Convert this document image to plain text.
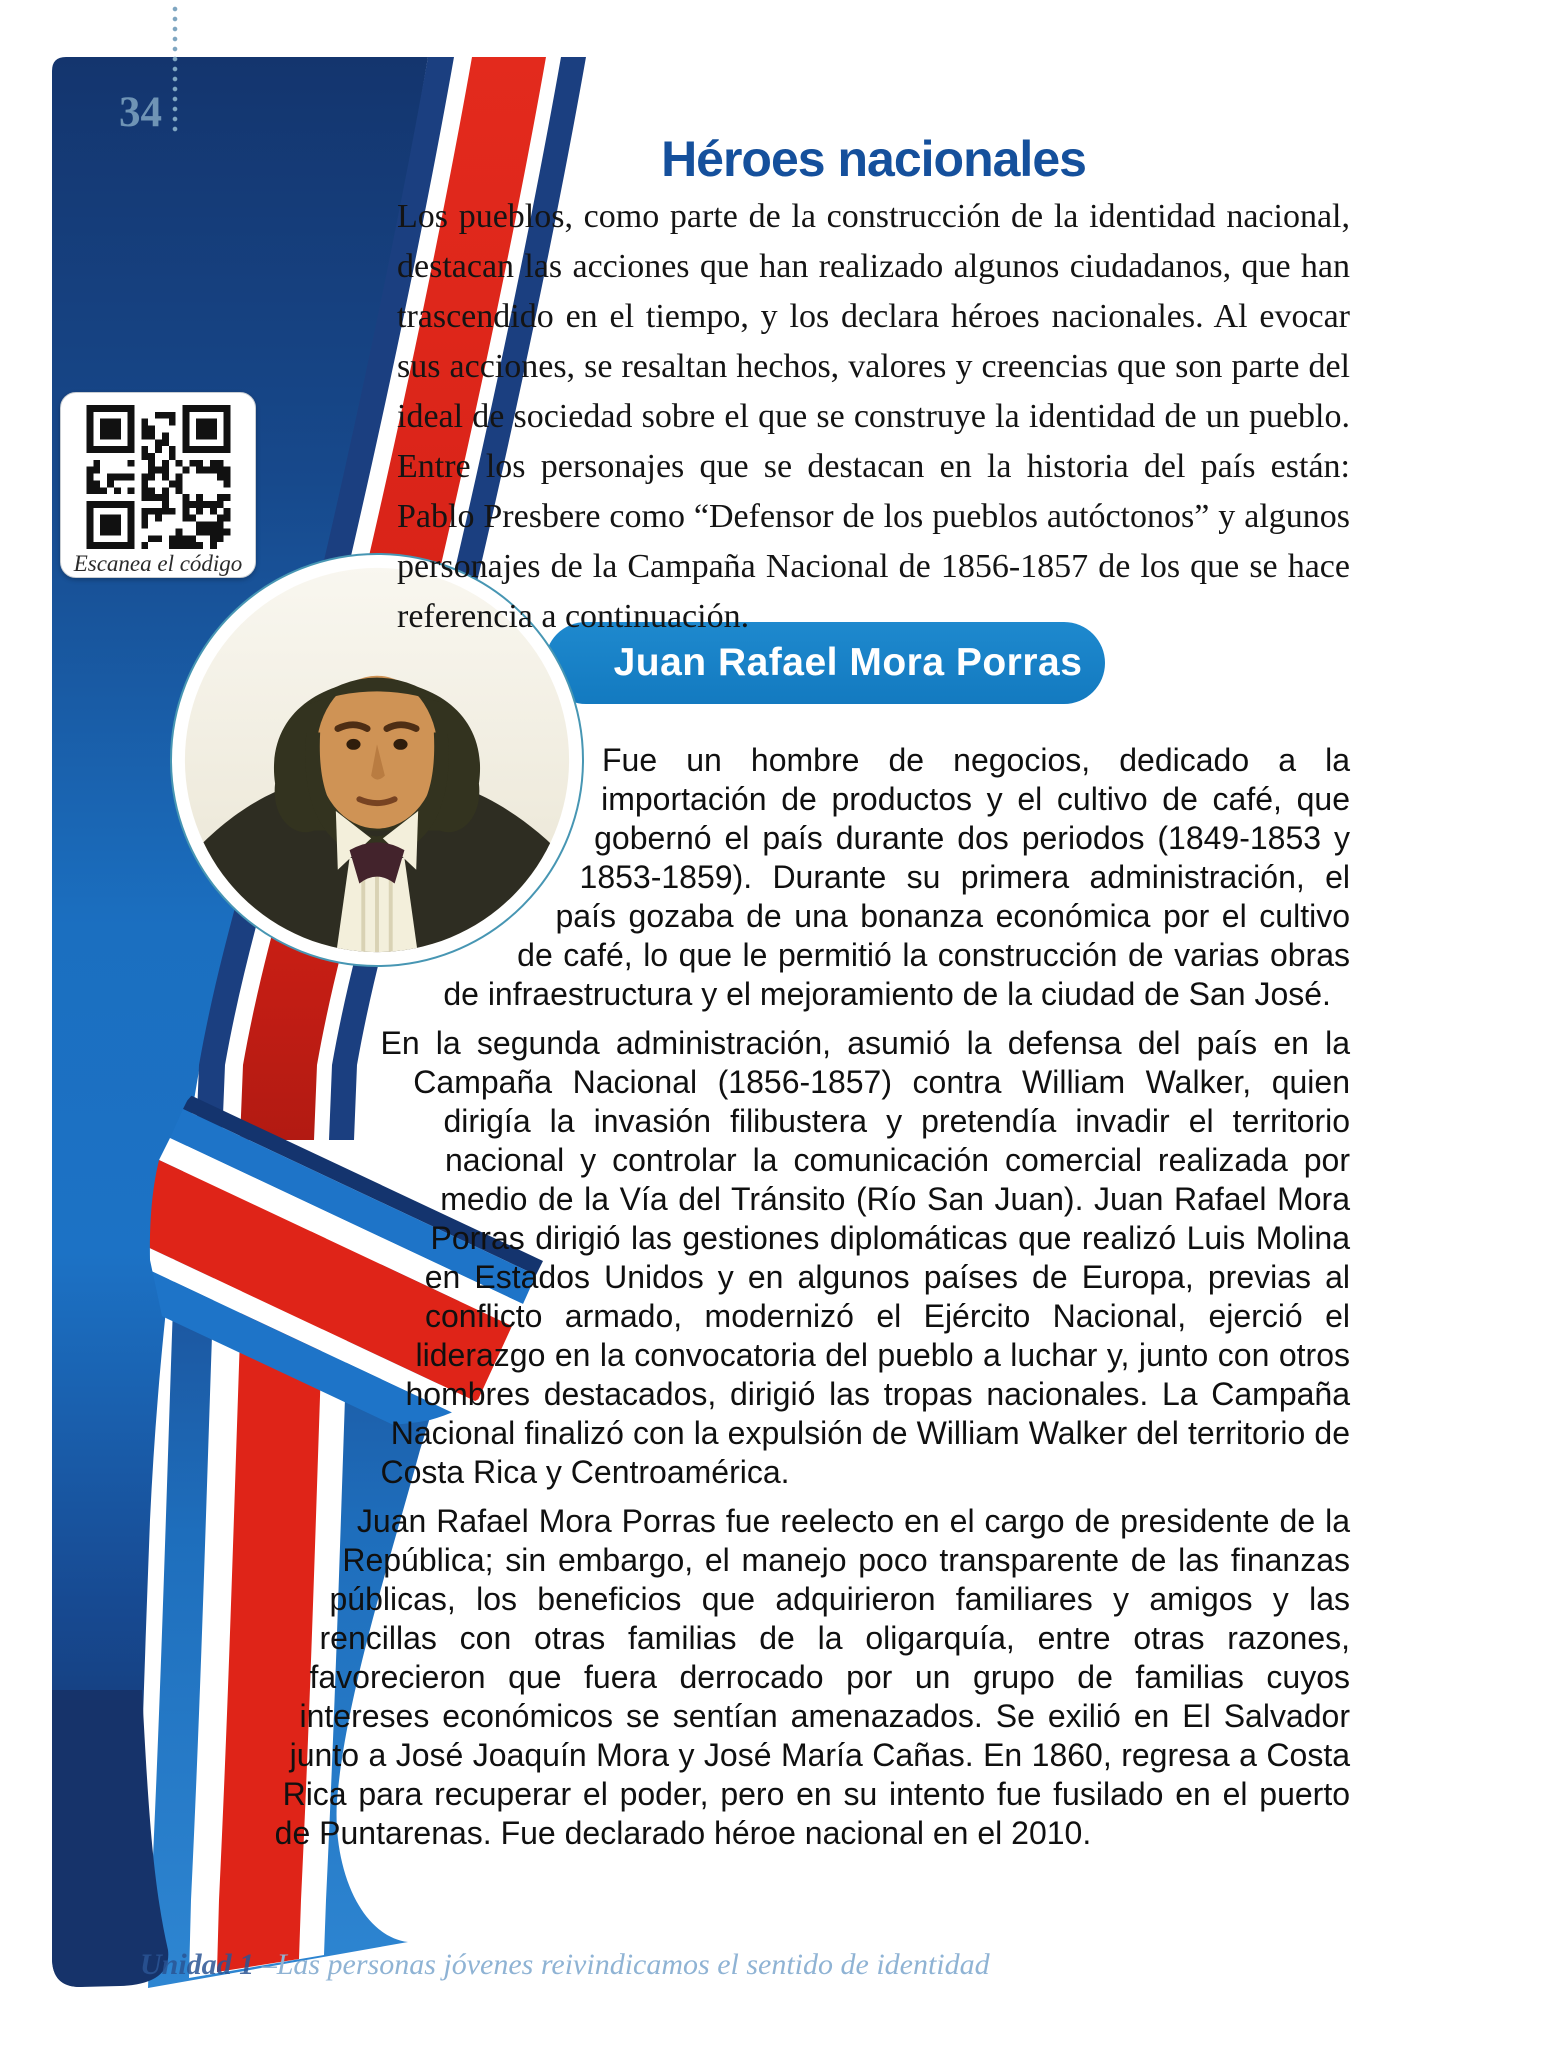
34
Escanea el código
Héroes nacionales

Los pueblos, como parte de la construcción de la identidad nacional, destacan las acciones que han realizado algunos ciudadanos, que han trascendido en el tiempo, y los declara héroes nacionales. Al evocar sus acciones, se resaltan hechos, valores y creencias que son parte del ideal de sociedad sobre el que se construye la identidad de un pueblo. Entre los personajes que se destacan en la historia del país están: Pablo Presbere como “Defensor de los pueblos autóctonos” y algunos personajes de la Campaña Nacional de 1856-1857 de los que se hace referencia a continuación.

Juan Rafael Mora Porras

Fue un hombre de negocios, dedicado a la importación de productos y el cultivo de café, que gobernó el país durante dos periodos (1849-1853 y 1853-1859). Durante su primera administración, el país gozaba de una bonanza económica por el cultivo de café, lo que le permitió la construcción de varias obras de infraestructura y el mejoramiento de la ciudad de San José.

En la segunda administración, asumió la defensa del país en la Campaña Nacional (1856-1857) contra William Walker, quien dirigía la invasión filibustera y pretendía invadir el territorio nacional y controlar la comunicación comercial realizada por medio de la Vía del Tránsito (Río San Juan). Juan Rafael Mora Porras dirigió las gestiones diplomáticas que realizó Luis Molina en Estados Unidos y en algunos países de Europa, previas al conflicto armado, modernizó el Ejército Nacional, ejerció el liderazgo en la convocatoria del pueblo a luchar y, junto con otros hombres destacados, dirigió las tropas nacionales. La Campaña Nacional finalizó con la expulsión de William Walker del territorio de Costa Rica y Centroamérica.

Juan Rafael Mora Porras fue reelecto en el cargo de presidente de la República; sin embargo, el manejo poco transparente de las finanzas públicas, los beneficios que adquirieron familiares y amigos y las rencillas con otras familias de la oligarquía, entre otras razones, favorecieron que fuera derrocado por un grupo de familias cuyos intereses económicos se sentían amenazados. Se exilió en El Salvador junto a José Joaquín Mora y José María Cañas. En 1860, regresa a Costa Rica para recuperar el poder, pero en su intento fue fusilado en el puerto de Puntarenas. Fue declarado héroe nacional en el 2010.

Unidad 1 –Las personas jóvenes reivindicamos el sentido de identidad
